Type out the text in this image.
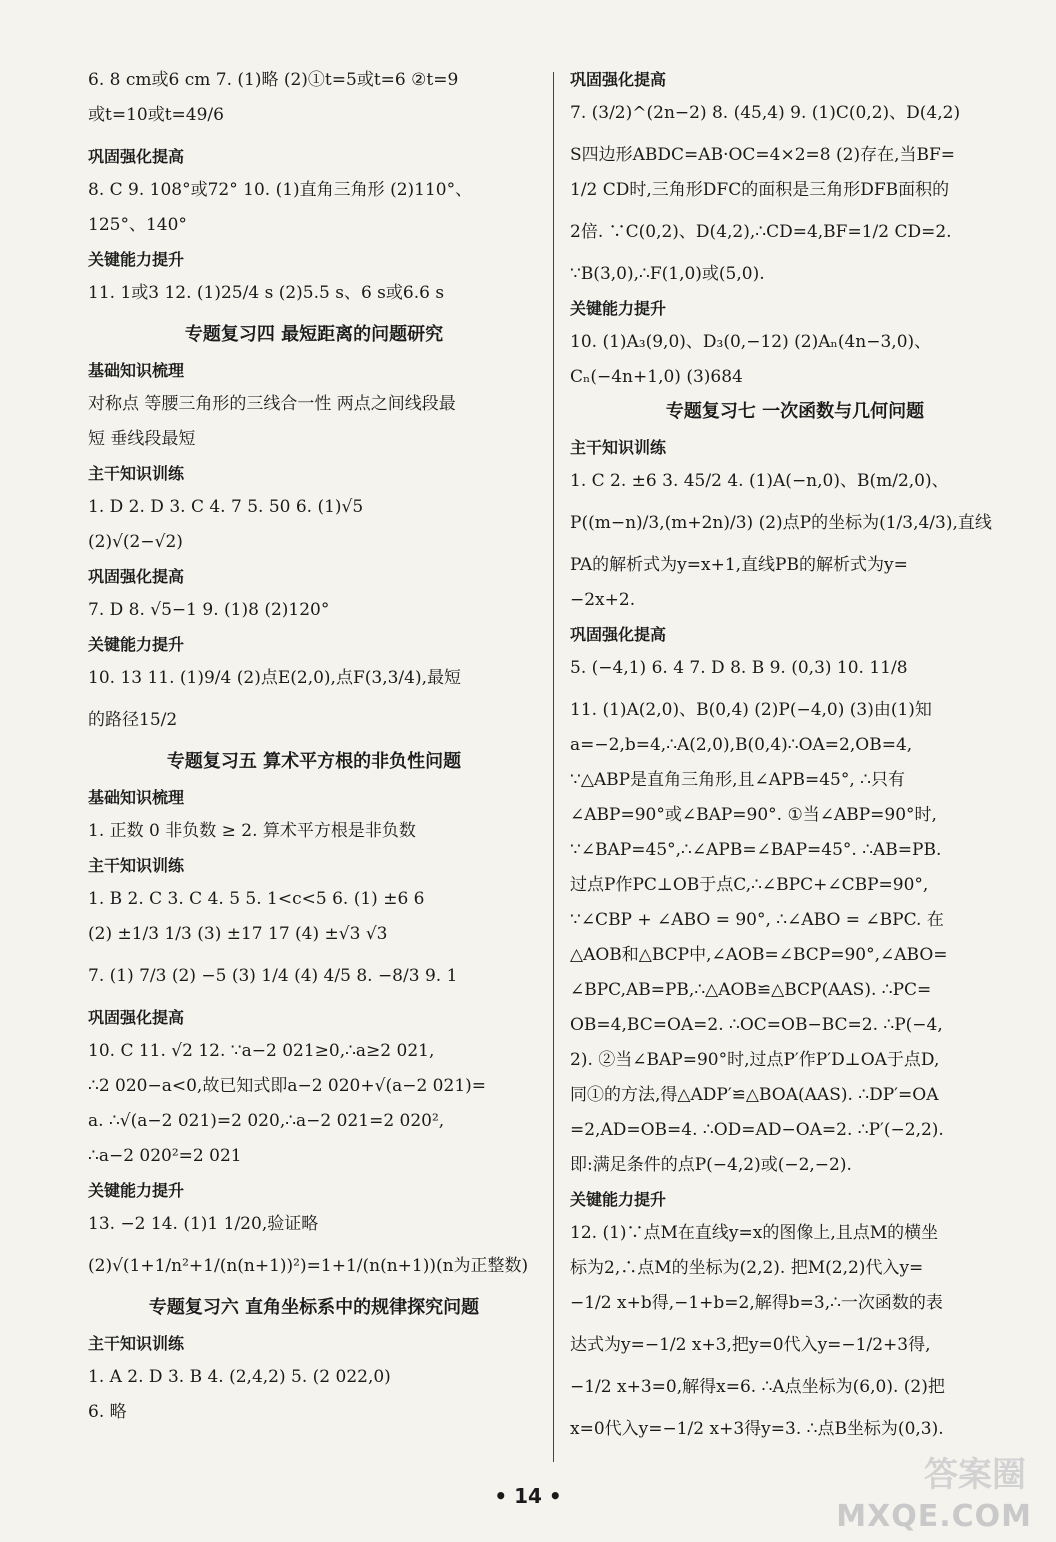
6. 8 cm或6 cm 7. (1)略 (2)①t=5或t=6 ②t=9
或t=10或t=49/6
巩固强化提高
8. C 9. 108°或72° 10. (1)直角三角形 (2)110°、
125°、140°
关键能力提升
11. 1或3 12. (1)25/4 s (2)5.5 s、6 s或6.6 s
专题复习四 最短距离的问题研究
基础知识梳理
对称点 等腰三角形的三线合一性 两点之间线段最
短 垂线段最短
主干知识训练
1. D 2. D 3. C 4. 7 5. 50 6. (1)√5
(2)√(2−√2)
巩固强化提高
7. D 8. √5−1 9. (1)8 (2)120°
关键能力提升
10. 13 11. (1)9/4 (2)点E(2,0),点F(3,3/4),最短
的路径15/2
专题复习五 算术平方根的非负性问题
基础知识梳理
1. 正数 0 非负数 ≥ 2. 算术平方根是非负数
主干知识训练
1. B 2. C 3. C 4. 5 5. 1<c<5 6. (1) ±6 6
(2) ±1/3 1/3 (3) ±17 17 (4) ±√3 √3
7. (1) 7/3 (2) −5 (3) 1/4 (4) 4/5 8. −8/3 9. 1
巩固强化提高
10. C 11. √2 12. ∵a−2 021≥0,∴a≥2 021,
∴2 020−a<0,故已知式即a−2 020+√(a−2 021)=
a. ∴√(a−2 021)=2 020,∴a−2 021=2 020²,
∴a−2 020²=2 021
关键能力提升
13. −2 14. (1)1 1/20,验证略
(2)√(1+1/n²+1/(n(n+1))²)=1+1/(n(n+1))(n为正整数)
专题复习六 直角坐标系中的规律探究问题
主干知识训练
1. A 2. D 3. B 4. (2,4,2) 5. (2 022,0)
6. 略
巩固强化提高
7. (3/2)^(2n−2) 8. (45,4) 9. (1)C(0,2)、D(4,2)
S四边形ABDC=AB·OC=4×2=8 (2)存在,当BF=
1/2 CD时,三角形DFC的面积是三角形DFB面积的
2倍. ∵C(0,2)、D(4,2),∴CD=4,BF=1/2 CD=2.
∵B(3,0),∴F(1,0)或(5,0).
关键能力提升
10. (1)A₃(9,0)、D₃(0,−12) (2)Aₙ(4n−3,0)、
Cₙ(−4n+1,0) (3)684
专题复习七 一次函数与几何问题
主干知识训练
1. C 2. ±6 3. 45/2 4. (1)A(−n,0)、B(m/2,0)、
P((m−n)/3,(m+2n)/3) (2)点P的坐标为(1/3,4/3),直线
PA的解析式为y=x+1,直线PB的解析式为y=
−2x+2.
巩固强化提高
5. (−4,1) 6. 4 7. D 8. B 9. (0,3) 10. 11/8
11. (1)A(2,0)、B(0,4) (2)P(−4,0) (3)由(1)知
a=−2,b=4,∴A(2,0),B(0,4)∴OA=2,OB=4,
∵△ABP是直角三角形,且∠APB=45°, ∴只有
∠ABP=90°或∠BAP=90°. ①当∠ABP=90°时,
∵∠BAP=45°,∴∠APB=∠BAP=45°. ∴AB=PB.
过点P作PC⊥OB于点C,∴∠BPC+∠CBP=90°,
∵∠CBP + ∠ABO = 90°, ∴∠ABO = ∠BPC. 在
△AOB和△BCP中,∠AOB=∠BCP=90°,∠ABO=
∠BPC,AB=PB,∴△AOB≌△BCP(AAS). ∴PC=
OB=4,BC=OA=2. ∴OC=OB−BC=2. ∴P(−4,
2). ②当∠BAP=90°时,过点P′作P′D⊥OA于点D,
同①的方法,得△ADP′≌△BOA(AAS). ∴DP′=OA
=2,AD=OB=4. ∴OD=AD−OA=2. ∴P′(−2,2).
即:满足条件的点P(−4,2)或(−2,−2).
关键能力提升
12. (1)∵点M在直线y=x的图像上,且点M的横坐
标为2,∴点M的坐标为(2,2). 把M(2,2)代入y=
−1/2 x+b得,−1+b=2,解得b=3,∴一次函数的表
达式为y=−1/2 x+3,把y=0代入y=−1/2+3得,
−1/2 x+3=0,解得x=6. ∴A点坐标为(6,0). (2)把
x=0代入y=−1/2 x+3得y=3. ∴点B坐标为(0,3).
• 14 •
答案圈
MXQE.COM
